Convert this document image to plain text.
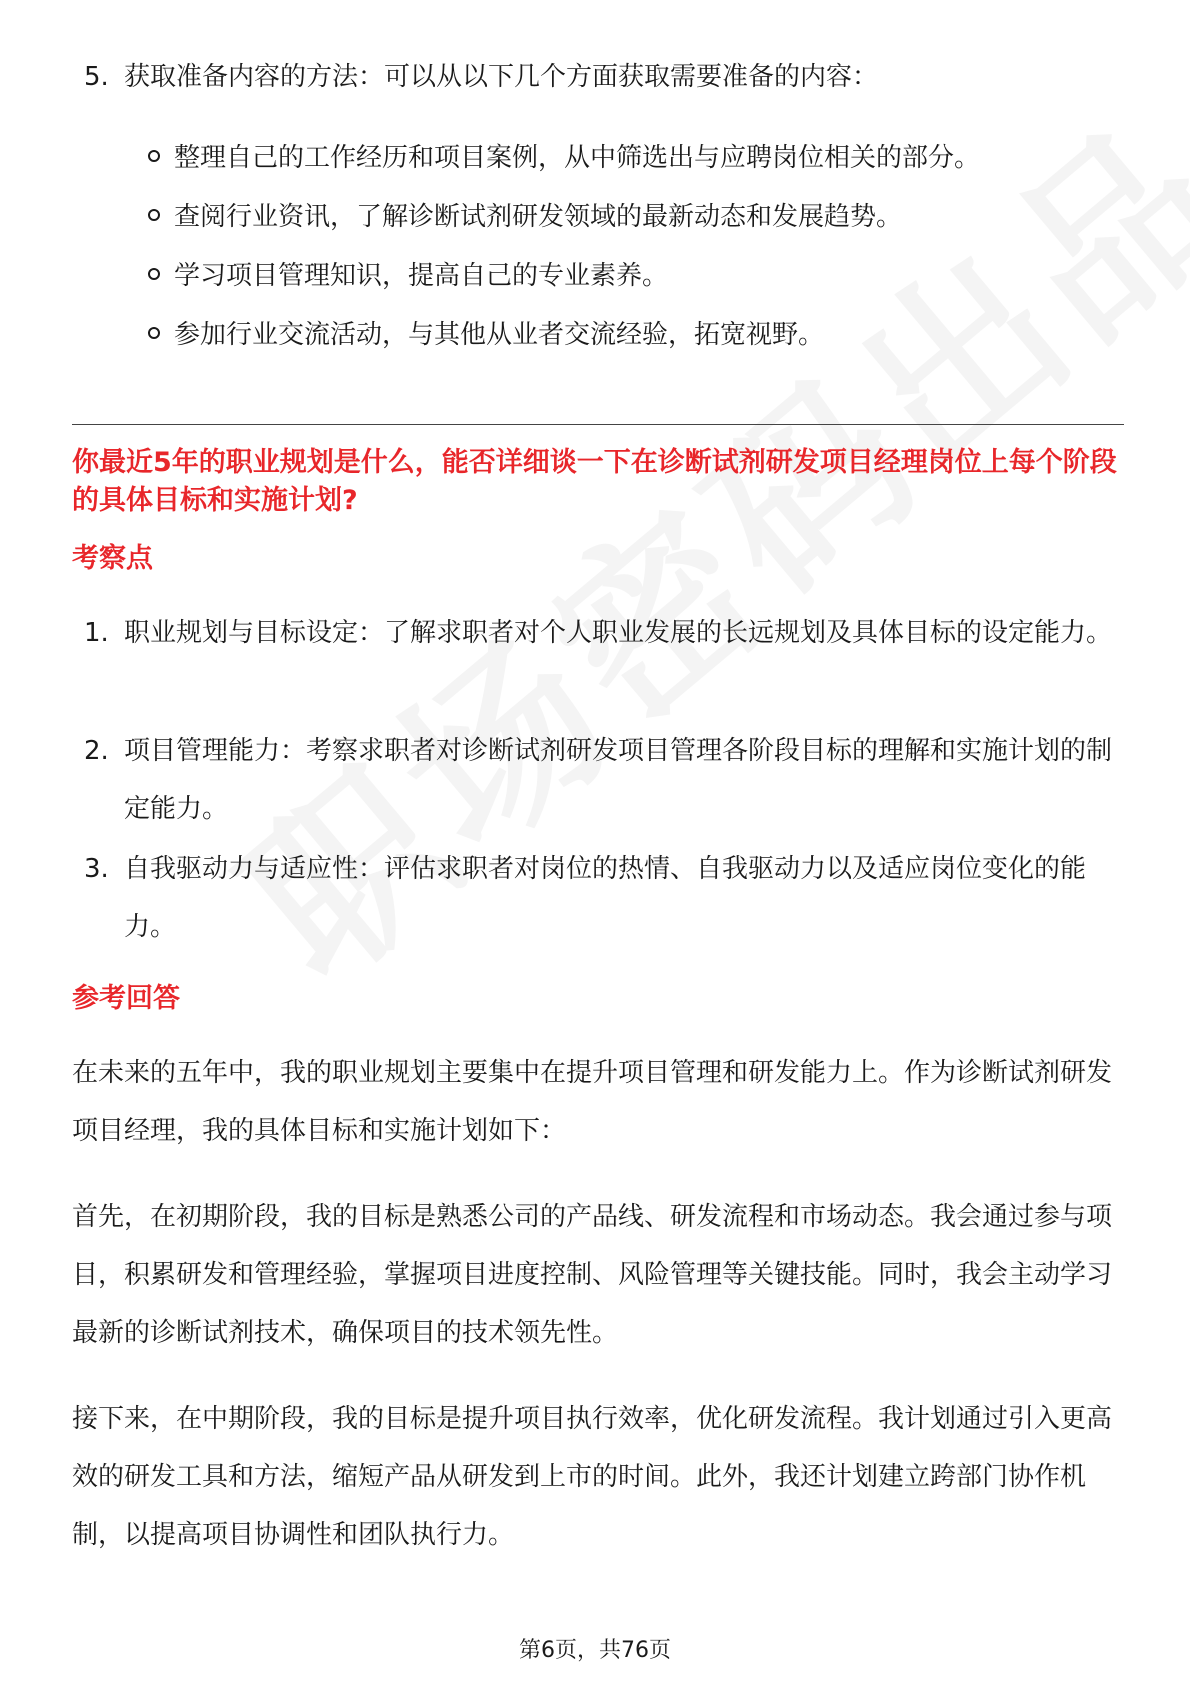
5. 获取准备内容的方法：可以从以下几个方面获取需要准备的内容：
整理自己的工作经历和项目案例，从中筛选出与应聘岗位相关的部分。
查阅行业资讯，了解诊断试剂研发领域的最新动态和发展趋势。
学习项目管理知识，提高自己的专业素养。
参加行业交流活动，与其他从业者交流经验，拓宽视野。
你最近5年的职业规划是什么，能否详细谈一下在诊断试剂研发项目经理岗位上每个阶段的具体目标和实施计划?
考察点
1. 职业规划与目标设定：了解求职者对个人职业发展的长远规划及具体目标的设定能力。
2. 项目管理能力：考察求职者对诊断试剂研发项目管理各阶段目标的理解和实施计划的制定能力。
3. 自我驱动力与适应性：评估求职者对岗位的热情、自我驱动力以及适应岗位变化的能力。
参考回答
在未来的五年中，我的职业规划主要集中在提升项目管理和研发能力上。作为诊断试剂研发项目经理，我的具体目标和实施计划如下：
首先，在初期阶段，我的目标是熟悉公司的产品线、研发流程和市场动态。我会通过参与项目，积累研发和管理经验，掌握项目进度控制、风险管理等关键技能。同时，我会主动学习最新的诊断试剂技术，确保项目的技术领先性。
接下来，在中期阶段，我的目标是提升项目执行效率，优化研发流程。我计划通过引入更高效的研发工具和方法，缩短产品从研发到上市的时间。此外，我还计划建立跨部门协作机制，以提高项目协调性和团队执行力。
第6页，共76页
